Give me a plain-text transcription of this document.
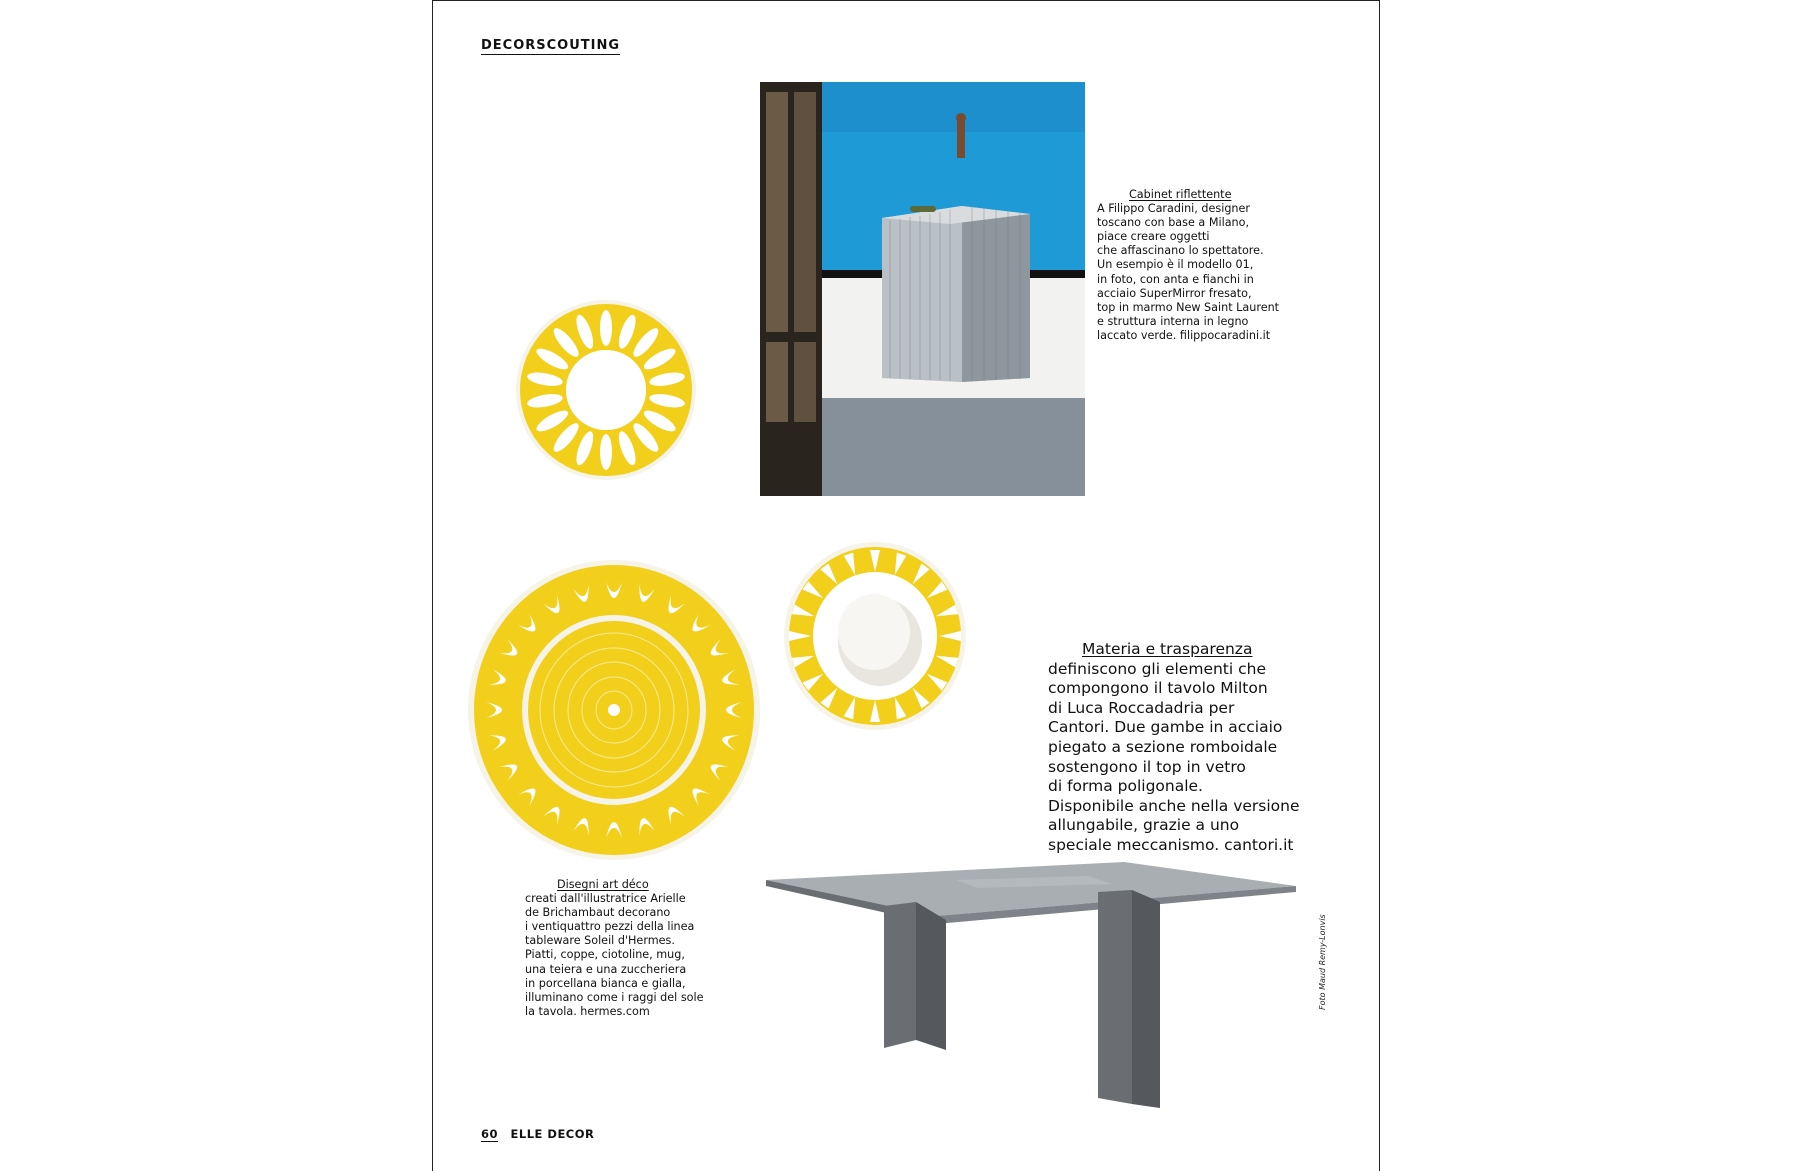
DECORSCOUTING
Cabinet riflettente
A Filippo Caradini, designer
toscano con base a Milano,
piace creare oggetti
che affascinano lo spettatore.
Un esempio è il modello 01,
in foto, con anta e fianchi in
acciaio SuperMirror fresato,
top in marmo New Saint Laurent
e struttura interna in legno
laccato verde. filippocaradini.it
Materia e trasparenza
definiscono gli elementi che
compongono il tavolo Milton
di Luca Roccadadria per
Cantori. Due gambe in acciaio
piegato a sezione romboidale
sostengono il top in vetro
di forma poligonale.
Disponibile anche nella versione
allungabile, grazie a uno
speciale meccanismo. cantori.it
Disegni art déco
creati dall'illustratrice Arielle
de Brichambaut decorano
i ventiquattro pezzi della linea
tableware Soleil d'Hermes.
Piatti, coppe, ciotoline, mug,
una teiera e una zuccheriera
in porcellana bianca e gialla,
illuminano come i raggi del sole
la tavola. hermes.com
Foto Maud Remy-Lonvis
60 ELLE DECOR
